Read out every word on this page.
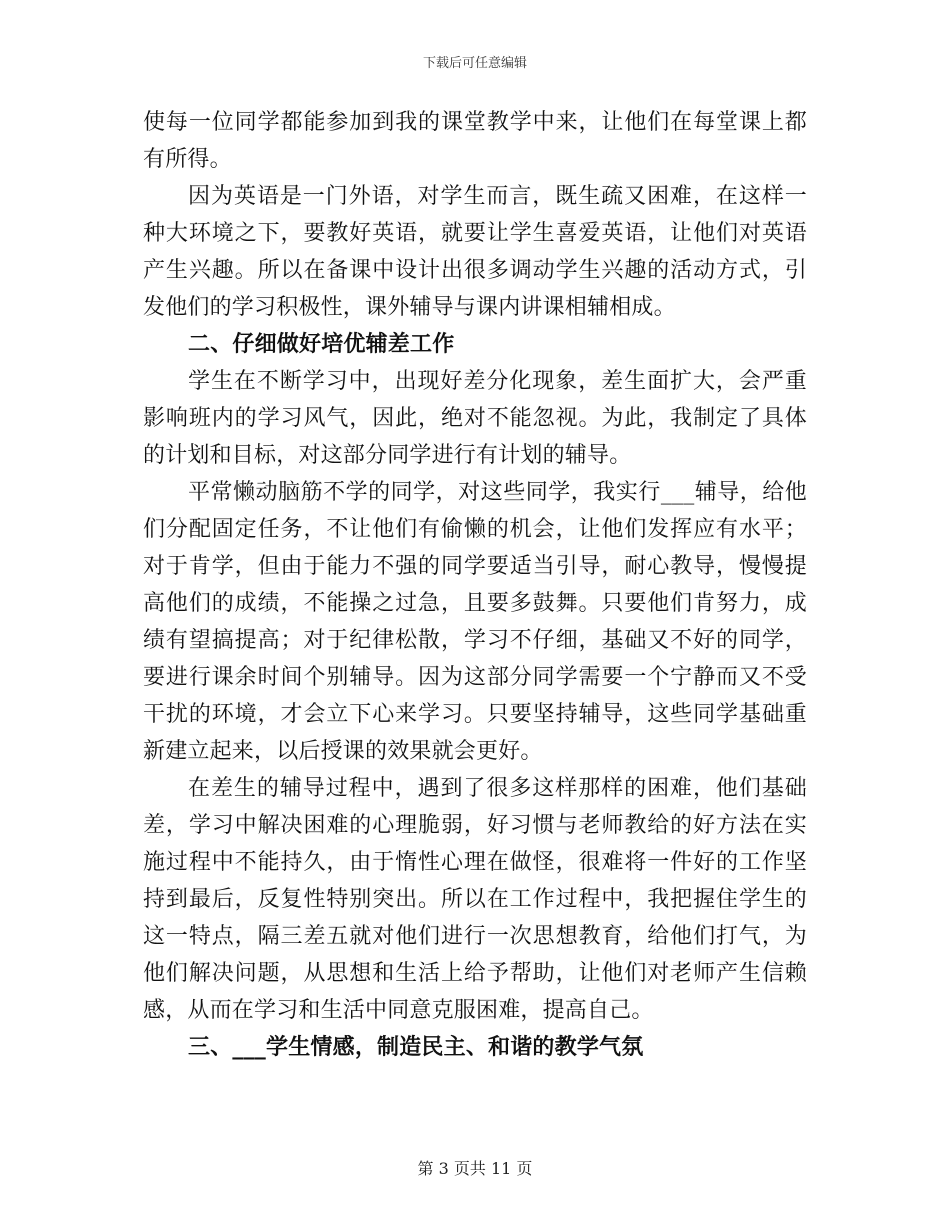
下载后可任意编辑

使每一位同学都能参加到我的课堂教学中来，让他们在每堂课上都有所得。

因为英语是一门外语，对学生而言，既生疏又困难，在这样一种大环境之下，要教好英语，就要让学生喜爱英语，让他们对英语产生兴趣。所以在备课中设计出很多调动学生兴趣的活动方式，引发他们的学习积极性，课外辅导与课内讲课相辅相成。

二、仔细做好培优辅差工作

学生在不断学习中，出现好差分化现象，差生面扩大，会严重影响班内的学习风气，因此，绝对不能忽视。为此，我制定了具体的计划和目标，对这部分同学进行有计划的辅导。

平常懒动脑筋不学的同学，对这些同学，我实行___辅导，给他们分配固定任务，不让他们有偷懒的机会，让他们发挥应有水平；对于肯学，但由于能力不强的同学要适当引导，耐心教导，慢慢提高他们的成绩，不能操之过急，且要多鼓舞。只要他们肯努力，成绩有望搞提高；对于纪律松散，学习不仔细，基础又不好的同学，要进行课余时间个别辅导。因为这部分同学需要一个宁静而又不受干扰的环境，才会立下心来学习。只要坚持辅导，这些同学基础重新建立起来，以后授课的效果就会更好。

在差生的辅导过程中，遇到了很多这样那样的困难，他们基础差，学习中解决困难的心理脆弱，好习惯与老师教给的好方法在实施过程中不能持久，由于惰性心理在做怪，很难将一件好的工作坚持到最后，反复性特别突出。所以在工作过程中，我把握住学生的这一特点，隔三差五就对他们进行一次思想教育，给他们打气，为他们解决问题，从思想和生活上给予帮助，让他们对老师产生信赖感，从而在学习和生活中同意克服困难，提高自己。

三、___学生情感，制造民主、和谐的教学气氛
第 3 页共 11 页
